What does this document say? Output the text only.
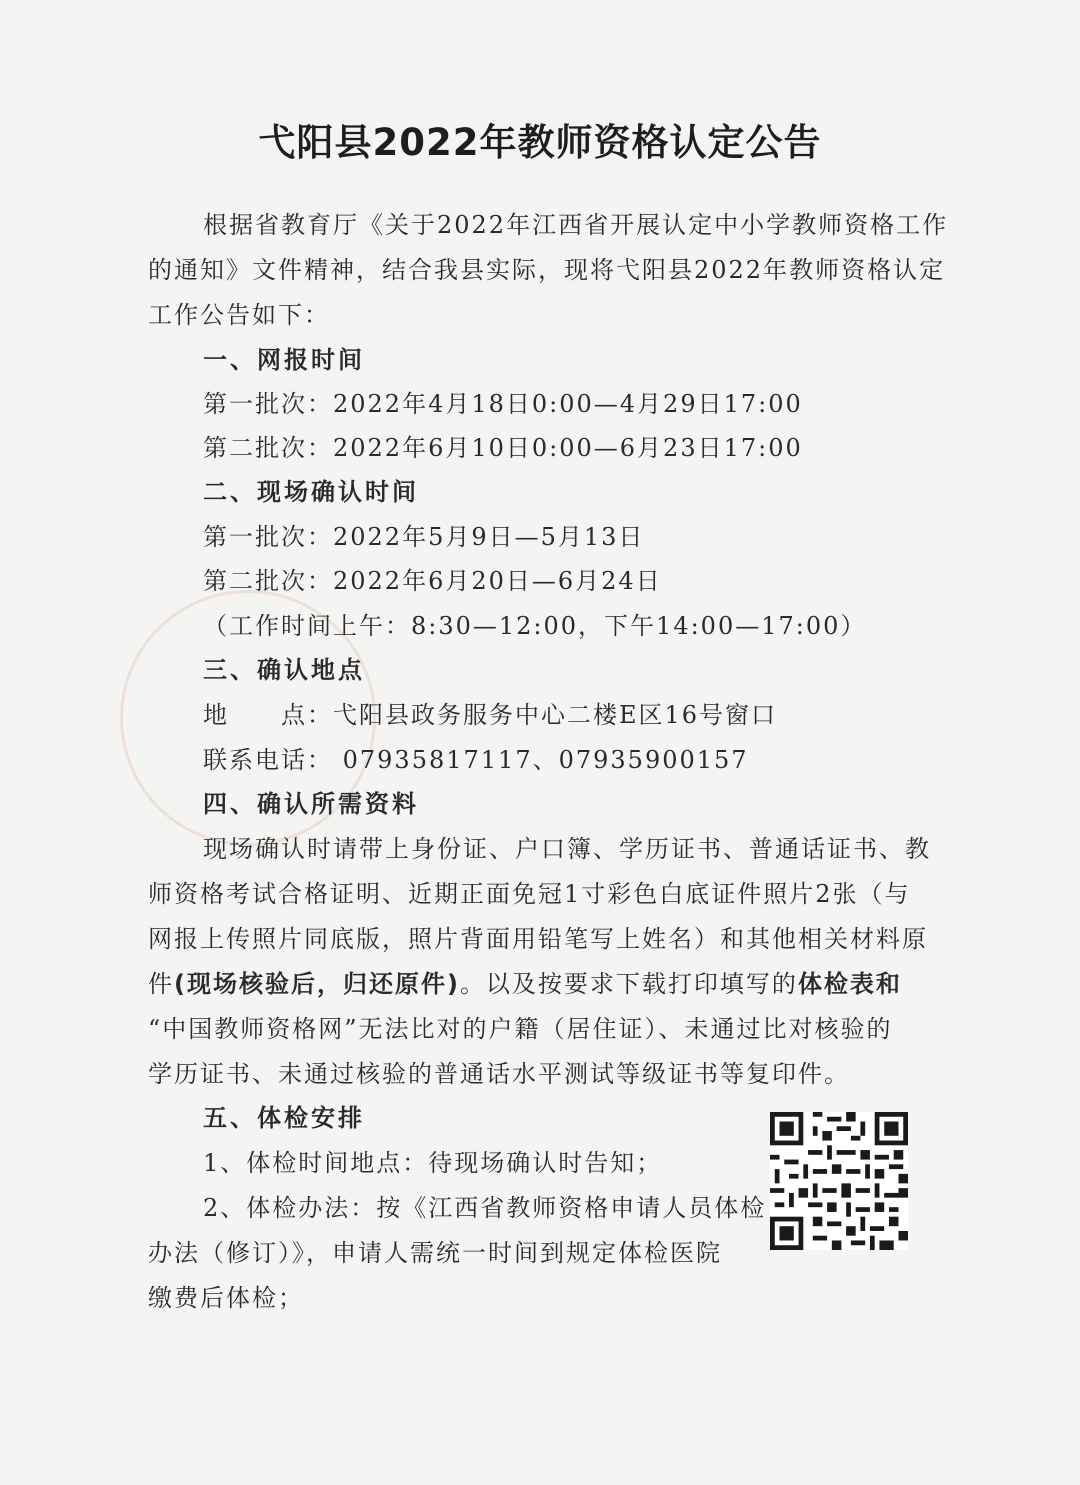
弋阳县2022年教师资格认定公告
根据省教育厅《关于2022年江西省开展认定中小学教师资格工作
的通知》文件精神，结合我县实际，现将弋阳县2022年教师资格认定
工作公告如下：
一、网报时间
第一批次：2022年4月18日0:00—4月29日17:00
第二批次：2022年6月10日0:00—6月23日17:00
二、现场确认时间
第一批次：2022年5月9日—5月13日
第二批次：2022年6月20日—6月24日
（工作时间上午：8:30—12:00，下午14:00—17:00）
三、确认地点
地　　点：弋阳县政务服务中心二楼E区16号窗口
联系电话： 07935817117、07935900157
四、确认所需资料
现场确认时请带上身份证、户口簿、学历证书、普通话证书、教
师资格考试合格证明、近期正面免冠1寸彩色白底证件照片2张（与
网报上传照片同底版，照片背面用铅笔写上姓名）和其他相关材料原
件(现场核验后，归还原件)。以及按要求下载打印填写的体检表和
“中国教师资格网”无法比对的户籍（居住证）、未通过比对核验的
学历证书、未通过核验的普通话水平测试等级证书等复印件。
五、体检安排
1、体检时间地点：待现场确认时告知；
2、体检办法：按《江西省教师资格申请人员体检
办法（修订）》，申请人需统一时间到规定体检医院
缴费后体检；
